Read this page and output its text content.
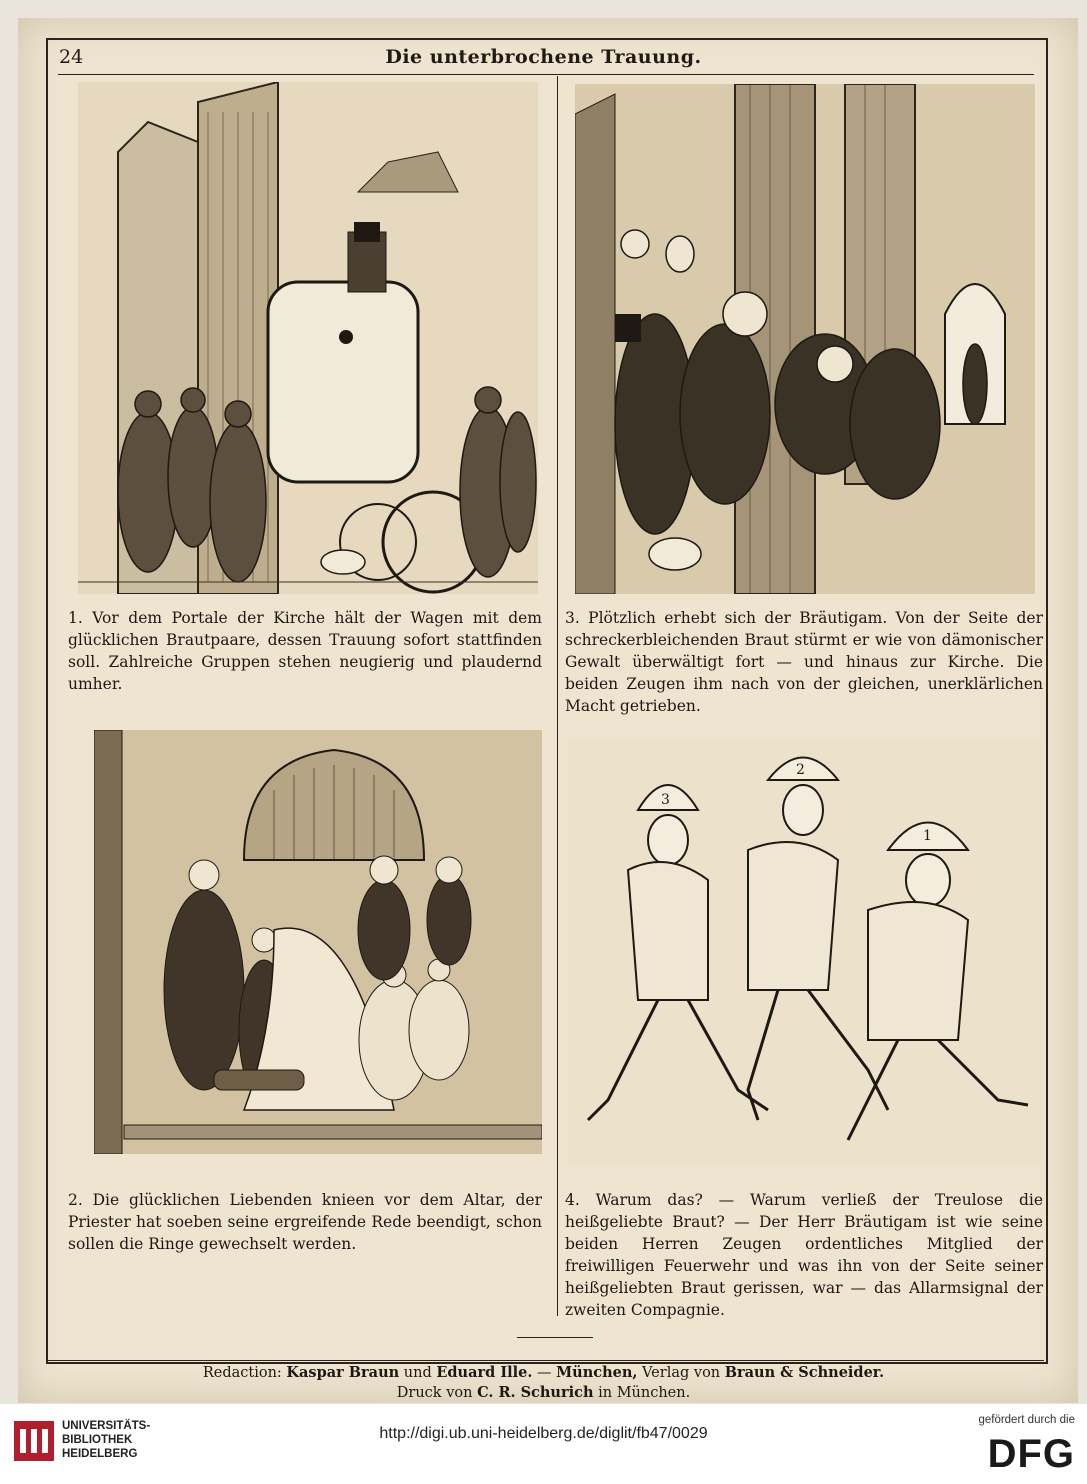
24	Die unterbrochene Trauung.
1. Vor dem Portale der Kirche hält der Wagen mit dem glücklichen Brautpaare, dessen Trauung sofort stattfinden soll. Zahlreiche Gruppen stehen neugierig und plaudernd umher.
3. Plötzlich erhebt sich der Bräutigam. Von der Seite der schreckerbleichenden Braut stürmt er wie von dämonischer Gewalt überwältigt fort — und hinaus zur Kirche. Die beiden Zeugen ihm nach von der gleichen, unerklärlichen Macht getrieben.
2. Die glücklichen Liebenden knieen vor dem Altar, der Priester hat soeben seine ergreifende Rede beendigt, schon sollen die Ringe gewechselt werden.
3
2
1
4. Warum das? — Warum verließ der Treulose die heißgeliebte Braut? — Der Herr Bräutigam ist wie seine beiden Herren Zeugen ordentliches Mitglied der freiwilligen Feuerwehr und was ihn von der Seite seiner heißgeliebten Braut gerissen, war — das Allarmsignal der zweiten Compagnie.
Redaction: Kaspar Braun und Eduard Ille. — München, Verlag von Braun & Schneider.
Druck von C. R. Schurich in München.
UNIVERSITÄTS-
BIBLIOTHEK
HEIDELBERG
http://digi.ub.uni-heidelberg.de/diglit/fb47/0029
gefördert durch die
DFG
